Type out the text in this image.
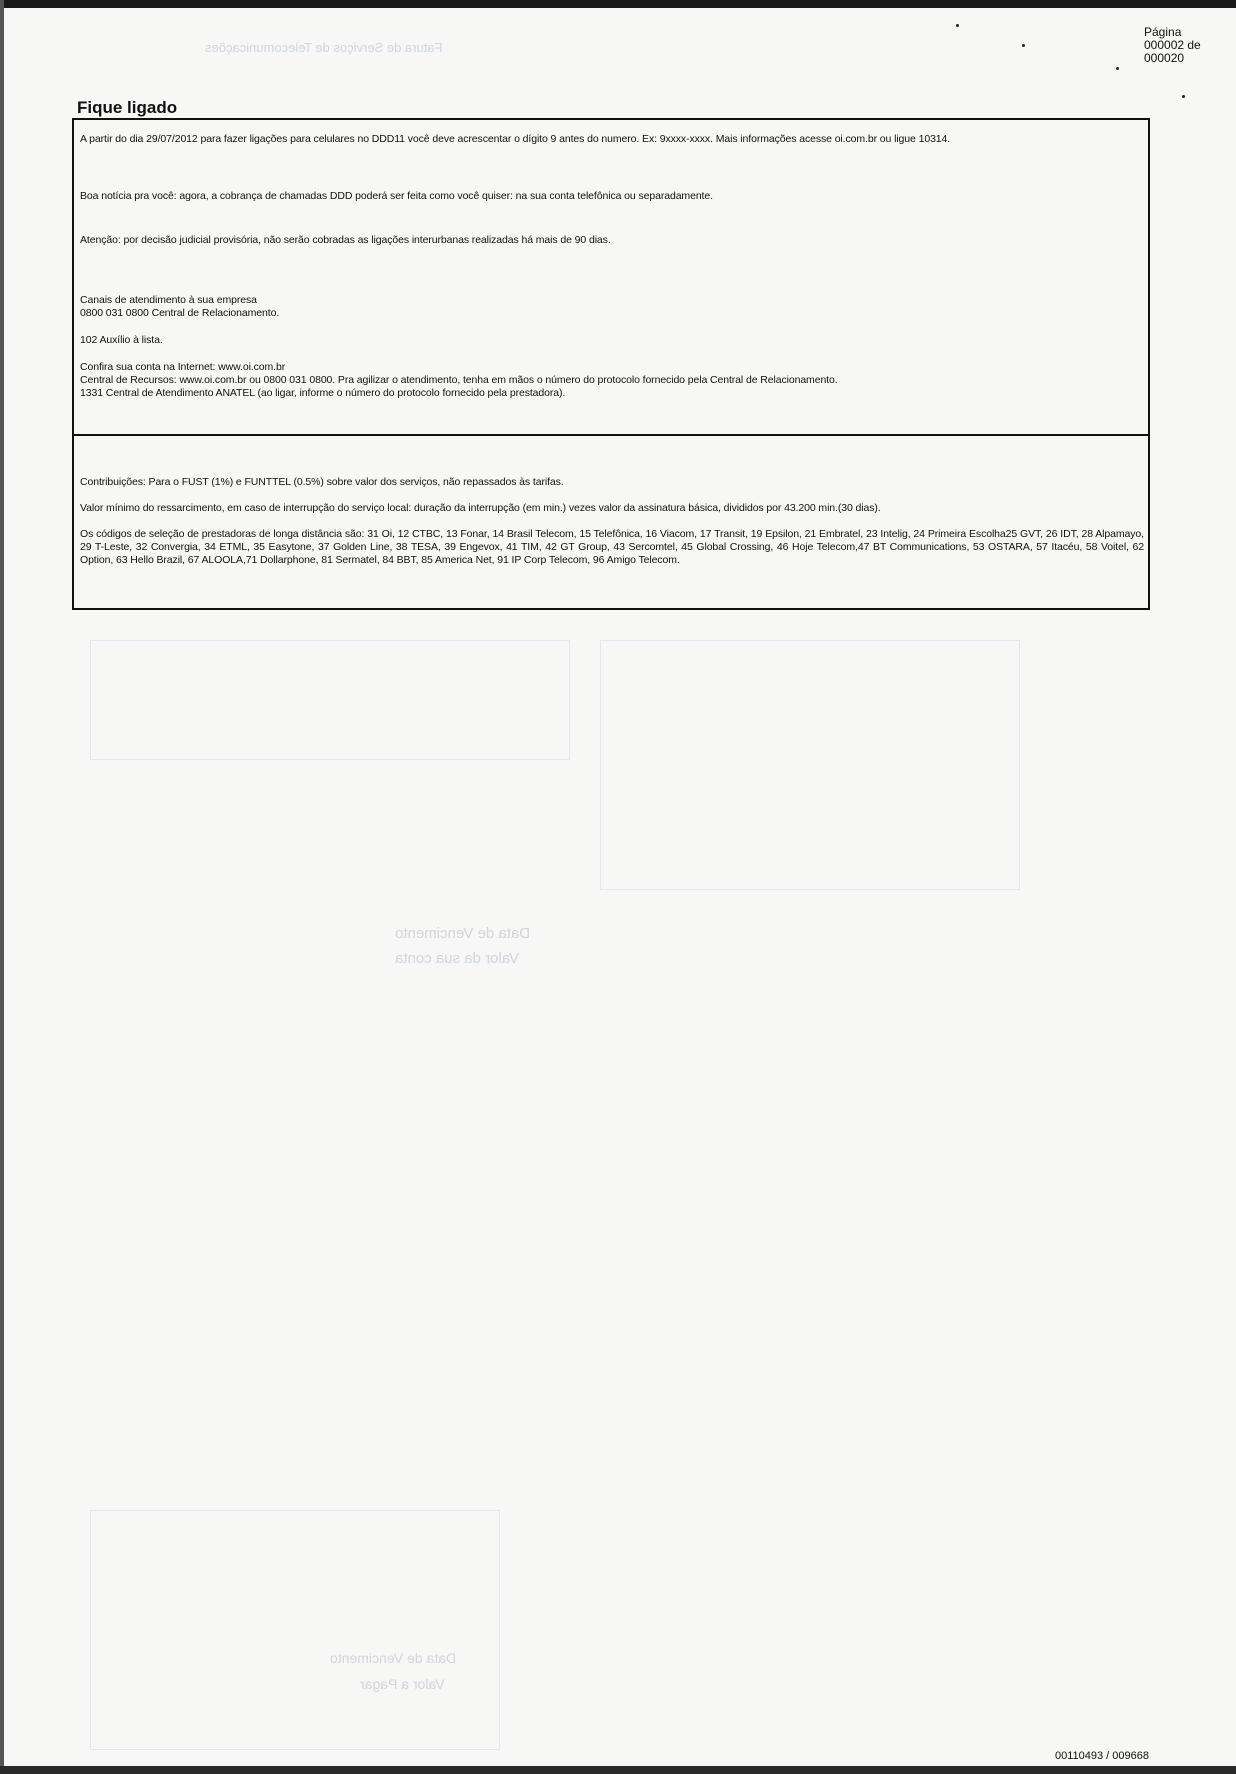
Fatura de Serviços de Telecomunicações
Data de Vencimento
Valor da sua conta
Data de Vencimento
Valor a Pagar
Página
000002 de
000020
Fique ligado
A partir do dia 29/07/2012 para fazer ligações para celulares no DDD11 você deve acrescentar o dígito 9 antes do numero. Ex: 9xxxx-xxxx. Mais informações acesse oi.com.br ou ligue 10314.
Boa notícia pra você: agora, a cobrança de chamadas DDD poderá ser feita como você quiser: na sua conta telefônica ou separadamente.
Atenção: por decisão judicial provisória, não serão cobradas as ligações interurbanas realizadas há mais de 90 dias.
Canais de atendimento à sua empresa
0800 031 0800 Central de Relacionamento.
102 Auxílio à lista.
Confira sua conta na Internet: www.oi.com.br
Central de Recursos: www.oi.com.br ou 0800 031 0800. Pra agilizar o atendimento, tenha em mãos o número do protocolo fornecido pela Central de Relacionamento.
1331 Central de Atendimento ANATEL (ao ligar, informe o número do protocolo fornecido pela prestadora).
Contribuições: Para o FUST (1%) e FUNTTEL (0.5%) sobre valor dos serviços, não repassados às tarifas.
Valor mínimo do ressarcimento, em caso de interrupção do serviço local: duração da interrupção (em min.) vezes valor da assinatura básica, divididos por 43.200 min.(30 dias).
Os códigos de seleção de prestadoras de longa distância são: 31 Oi, 12 CTBC, 13 Fonar, 14 Brasil Telecom, 15 Telefônica, 16 Viacom, 17 Transit, 19 Epsilon, 21 Embratel, 23 Intelig, 24 Primeira Escolha25 GVT, 26 IDT, 28 Alpamayo, 29 T-Leste, 32 Convergia, 34 ETML, 35 Easytone, 37 Golden Line, 38 TESA, 39 Engevox, 41 TIM, 42 GT Group, 43 Sercomtel, 45 Global Crossing, 46 Hoje Telecom,47 BT Communications, 53 OSTARA, 57 Itacéu, 58 Voitel, 62 Option, 63 Hello Brazil, 67 ALOOLA,71 Dollarphone, 81 Sermatel, 84 BBT, 85 America Net, 91 IP Corp Telecom, 96 Amigo Telecom.
00110493 / 009668
